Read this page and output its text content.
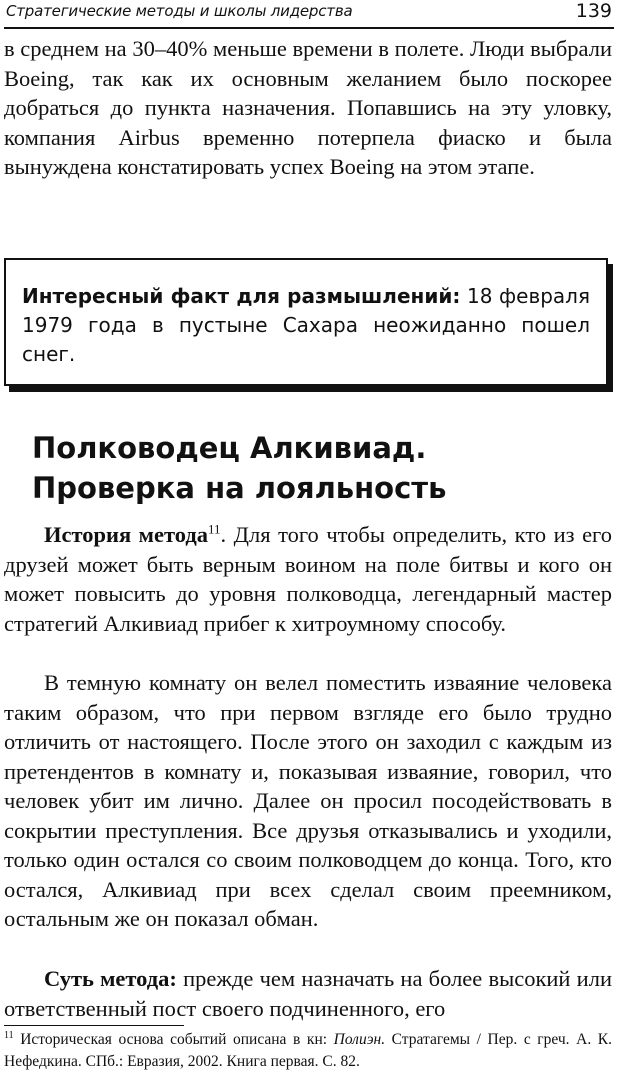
Стратегические методы и школы лидерства	139

в среднем на 30–40% меньше времени в полете. Люди выбрали Boeing, так как их основным желанием было поскорее добраться до пункта назначения. Попавшись на эту уловку, компания Airbus временно потерпела фиаско и была вынуждена констатировать успех Boeing на этом этапе.

Интересный факт для размышлений: 18 февраля 1979 года в пустыне Сахара неожиданно пошел снег.

Полководец Алкивиад.
Проверка на лояльность

История метода$^{11}$. Для того чтобы определить, кто из его друзей может быть верным воином на поле битвы и кого он может повысить до уровня полководца, легендарный мастер стратегий Алкивиад прибег к хитроумному способу.

В темную комнату он велел поместить изваяние человека таким образом, что при первом взгляде его было трудно отличить от настоящего. После этого он заходил с каждым из претендентов в комнату и, показывая изваяние, говорил, что человек убит им лично. Далее он просил посодействовать в сокрытии преступления. Все друзья отказывались и уходили, только один остался со своим полководцем до конца. Того, кто остался, Алкивиад при всех сделал своим преемником, остальным же он показал обман.

Суть метода: прежде чем назначать на более высокий или ответственный пост своего подчиненного, его

$^{11}$ Историческая основа событий описана в кн: Полиэн. Стратагемы / Пер. с греч. А. К. Нефедкина. СПб.: Евразия, 2002. Книга первая. С. 82.
